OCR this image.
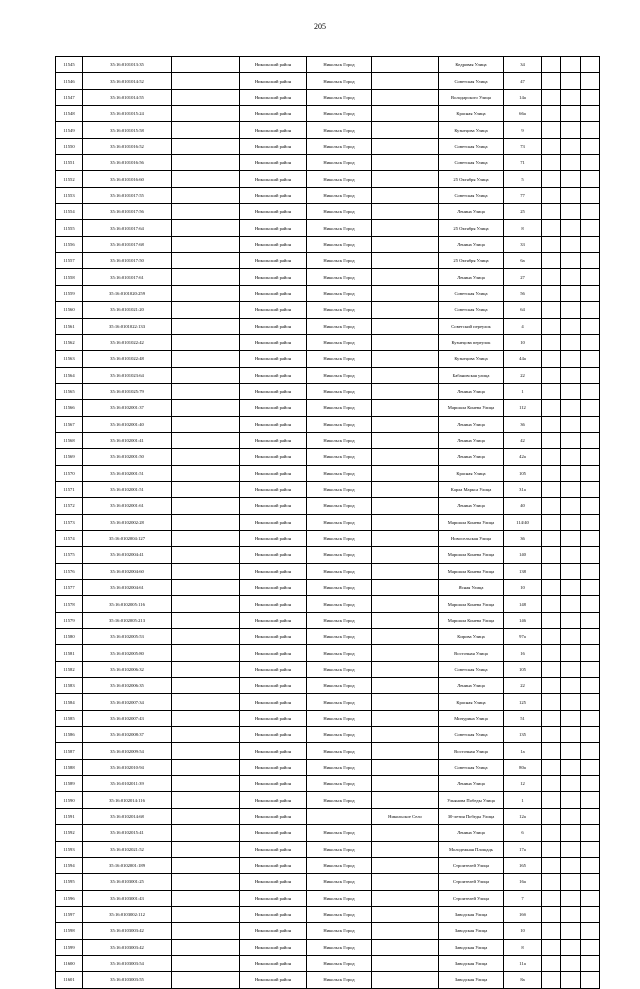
205
11545	35:16:0101013:35		Никольский район	Никольск Город		Кедровая Улица	34			
11546	35:16:0101014:52		Никольский район	Никольск Город		Советская Улица	47			
11547	35:16:0101014:55		Никольский район	Никольск Город		Володарского Улица	14а			
11548	35:16:0101015:24		Никольский район	Никольск Город		Красная Улица	66а			
11549	35:16:0101015:58		Никольский район	Никольск Город		Кузнецова Улица	9			
11550	35:16:0101016:52		Никольский район	Никольск Город		Советская Улица	73			
11551	35:16:0101016:56		Никольский район	Никольск Город		Советская Улица	71			
11552	35:16:0101016:60		Никольский район	Никольск Город		25 Октября Улица	5			
11553	35:16:0101017:55		Никольский район	Никольск Город		Советская Улица	77			
11554	35:16:0101017:56		Никольский район	Никольск Город		Ленина Улица	25			
11555	35:16:0101017:64		Никольский район	Никольск Город		25 Октября Улица	8			
11556	35:16:0101017:68		Никольский район	Никольск Город		Ленина Улица	33			
11557	35:16:0101017:50		Никольский район	Никольск Город		25 Октября Улица	6а			
11558	35:16:0101017:61		Никольский район	Никольск Город		Ленина Улица	27			
11559	35:16:0101020:259		Никольский район	Никольск Город		Советская Улица	56			
11560	35:16:0101021:20		Никольский район	Никольск Город		Советская Улица	64			
11561	35:16:0101022:133		Никольский район	Никольск Город		Советский переулок	4			
11562	35:16:0101022:42		Никольский район	Никольск Город		Кузнецова переулок	10			
11563	35:16:0101022:48		Никольский район	Никольск Город		Кузнецова Улица	44а			
11564	35:16:0101023:64		Никольский район	Никольск Город		Бабановская улица	22			
11565	35:16:0101025:79		Никольский район	Никольск Город		Ленина Улица	1			
11566	35:16:0102001:37		Никольский район	Никольск Город		Маршала Конева Улица	112			
11567	35:16:0102001:40		Никольский район	Никольск Город		Ленина Улица	36			
11568	35:16:0102001:41		Никольский район	Никольск Город		Ленина Улица	42			
11569	35:16:0102001:50		Никольский район	Никольск Город		Ленина Улица	42а			
11570	35:16:0102001:51		Никольский район	Никольск Город		Красная Улица	105			
11571	35:16:0102001:51		Никольский район	Никольск Город		Карла Маркса Улица	31а			
11572	35:16:0102001:61		Никольский район	Никольск Город		Ленина Улица	40			
11573	35:16:0102002:28		Никольский район	Никольск Город		Маршала Конева Улица	114/40			
11574	35:16:0102004:127		Никольский район	Никольск Город		Новосельская Улица	36			
11575	35:16:0102004:41		Никольский район	Никольск Город		Маршала Конева Улица	140			
11576	35:16:0102004:60		Никольский район	Никольск Город		Маршала Конева Улица	138			
11577	35:16:0102004:61		Никольский район	Никольск Город		Ясная Улица	10			
11578	35:16:0102005:116		Никольский район	Никольск Город		Маршала Конева Улица	148			
11579	35:16:0102005:213		Никольский район	Никольск Город		Маршала Конева Улица	146			
11580	35:16:0102005:53		Никольский район	Никольск Город		Кирова Улица	97а			
11581	35:16:0102005:80		Никольский район	Никольск Город		Восточная Улица	16			
11582	35:16:0102006:32		Никольский район	Никольск Город		Советская Улица	105			
11583	35:16:0102006:35		Никольский район	Никольск Город		Ленина Улица	22			
11584	35:16:0102007:34		Никольский район	Никольск Город		Красная Улица	125			
11585	35:16:0102007:43		Никольский район	Никольск Город		Мичурина Улица	51			
11586	35:16:0102008:37		Никольский район	Никольск Город		Советская Улица	135			
11587	35:16:0102009:54		Никольский район	Никольск Город		Восточная Улица	1а			
11588	35:16:0102010:94		Никольский район	Никольск Город		Советская Улица	80а			
11589	35:16:0102011:39		Никольский район	Никольск Город		Ленина Улица	12			
11590	35:16:0102014:116		Никольский район	Никольск Город		Ульянова Победы Улица	1			
11591	35:16:0102014:68		Никольский район		Никольское Село	30-летия Победы Улица	12а			
11592	35:16:0102015:41		Никольский район	Никольск Город		Ленина Улица	6			
11593	35:16:0102021:52		Никольский район	Никольск Город		Молодежная Площадь	17а			
11594	35:16:0102001:189		Никольский район	Никольск Город		Строителей Улица	165			
11595	35:16:0103001:25		Никольский район	Никольск Город		Строителей Улица	16а			
11596	35:16:0103001:43		Никольский район	Никольск Город		Строителей Улица	7			
11597	35:16:0103002:112		Никольский район	Никольск Город		Заводская Улица	16б			
11598	35:16:0103003:42		Никольский район	Никольск Город		Заводская Улица	10			
11599	35:16:0103003:42		Никольский район	Никольск Город		Заводская Улица	8			
11600	35:16:0103003:54		Никольский район	Никольск Город		Заводская Улица	11а			
11601	35:16:0103003:55		Никольский район	Никольск Город		Заводская Улица	8а			
